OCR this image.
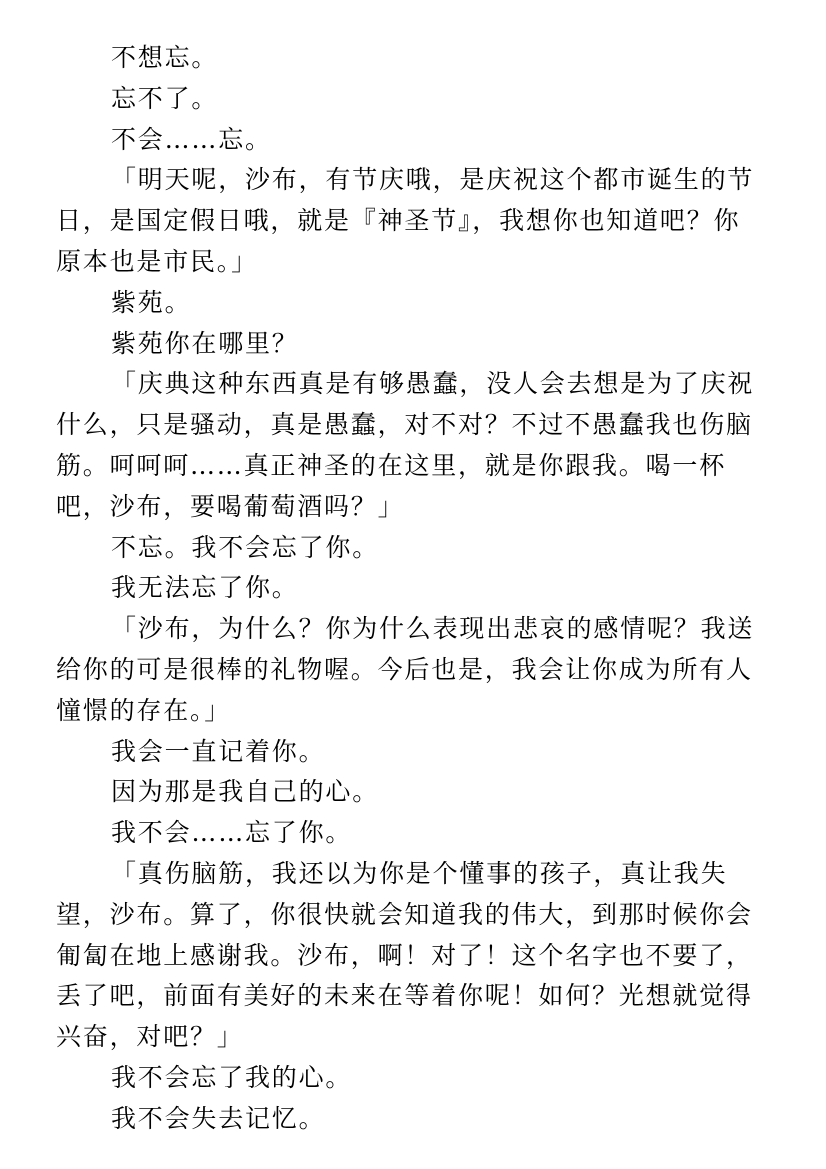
不想忘。

忘不了。

不会……忘。

「明天呢，沙布，有节庆哦，是庆祝这个都市诞生的节日，是国定假日哦，就是『神圣节』，我想你也知道吧？你原本也是市民。」

紫苑。

紫苑你在哪里？

「庆典这种东西真是有够愚蠢，没人会去想是为了庆祝什么，只是骚动，真是愚蠢，对不对？不过不愚蠢我也伤脑筋。呵呵呵……真正神圣的在这里，就是你跟我。喝一杯吧，沙布，要喝葡萄酒吗？」

不忘。我不会忘了你。

我无法忘了你。

「沙布，为什么？你为什么表现出悲哀的感情呢？我送给你的可是很棒的礼物喔。今后也是，我会让你成为所有人憧憬的存在。」

我会一直记着你。

因为那是我自己的心。

我不会……忘了你。

「真伤脑筋，我还以为你是个懂事的孩子，真让我失望，沙布。算了，你很快就会知道我的伟大，到那时候你会匍匐在地上感谢我。沙布，啊！对了！这个名字也不要了，丢了吧，前面有美好的未来在等着你呢！如何？光想就觉得兴奋，对吧？」

我不会忘了我的心。

我不会失去记忆。
